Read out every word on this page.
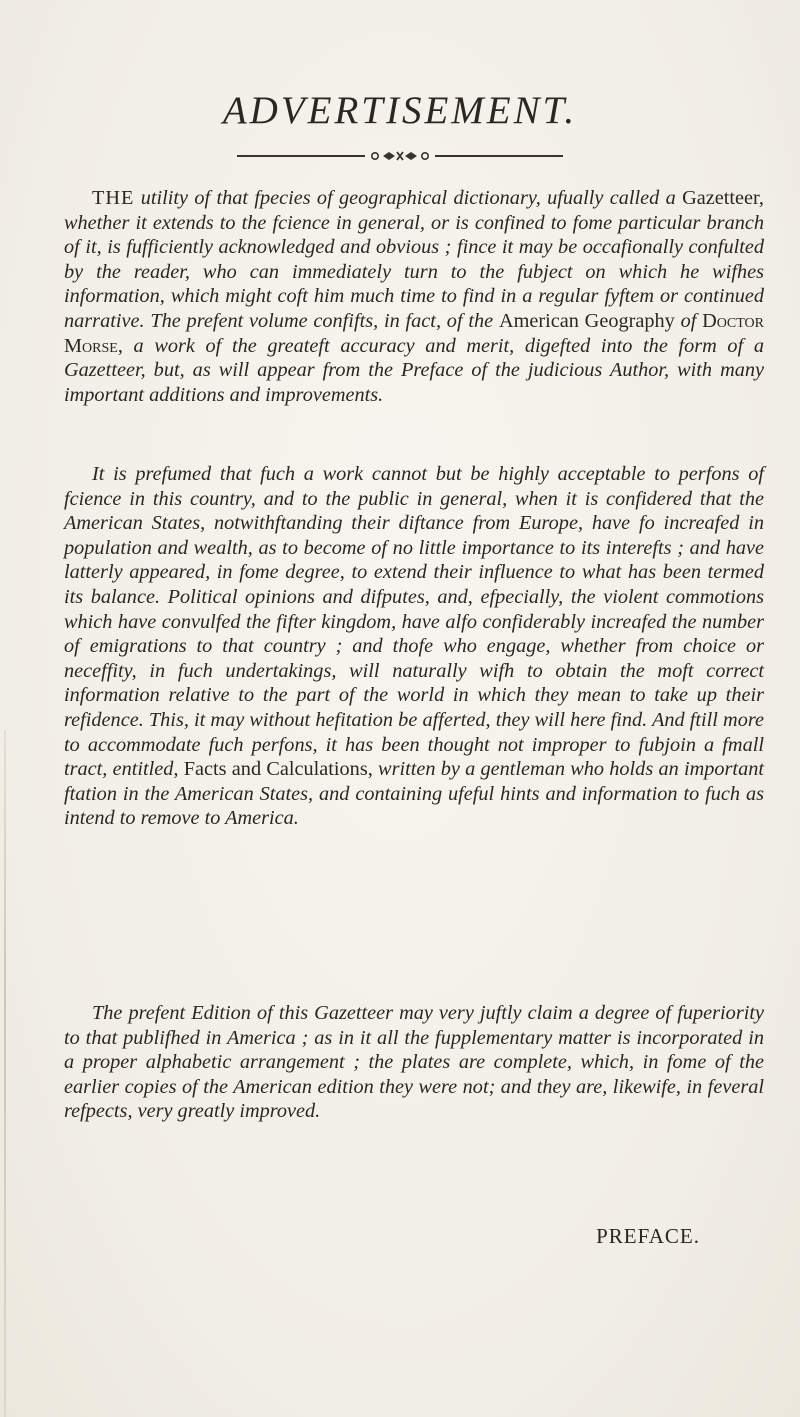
ADVERTISEMENT.

THE utility of that fpecies of geographical dictionary, ufually called a Gazetteer, whether it extends to the fcience in general, or is confined to fome particular branch of it, is fufficiently acknowledged and obvious ; fince it may be occafionally confulted by the reader, who can immediately turn to the fubject on which he wifhes information, which might coft him much time to find in a regular fyftem or continued narrative. The prefent volume confifts, in fact, of the American Geography of Doctor Morse, a work of the greateft accuracy and merit, digefted into the form of a Gazetteer, but, as will appear from the Preface of the judicious Author, with many important additions and improvements.

It is prefumed that fuch a work cannot but be highly acceptable to perfons of fcience in this country, and to the public in general, when it is confidered that the American States, notwithftanding their diftance from Europe, have fo increafed in population and wealth, as to become of no little importance to its interefts ; and have latterly appeared, in fome degree, to extend their influence to what has been termed its balance. Political opinions and difputes, and, efpecially, the violent commotions which have convulfed the fifter kingdom, have alfo confiderably increafed the number of emigrations to that country ; and thofe who engage, whether from choice or neceffity, in fuch undertakings, will naturally wifh to obtain the moft correct information relative to the part of the world in which they mean to take up their refidence. This, it may without hefitation be afferted, they will here find. And ftill more to accommodate fuch perfons, it has been thought not improper to fubjoin a fmall tract, entitled, Facts and Calculations, written by a gentleman who holds an important ftation in the American States, and containing ufeful hints and information to fuch as intend to remove to America.

The prefent Edition of this Gazetteer may very juftly claim a degree of fuperiority to that publifhed in America ; as in it all the fupplementary matter is incorporated in a proper alphabetic arrangement ; the plates are complete, which, in fome of the earlier copies of the American edition they were not; and they are, likewife, in feveral refpects, very greatly improved.

PREFACE.
